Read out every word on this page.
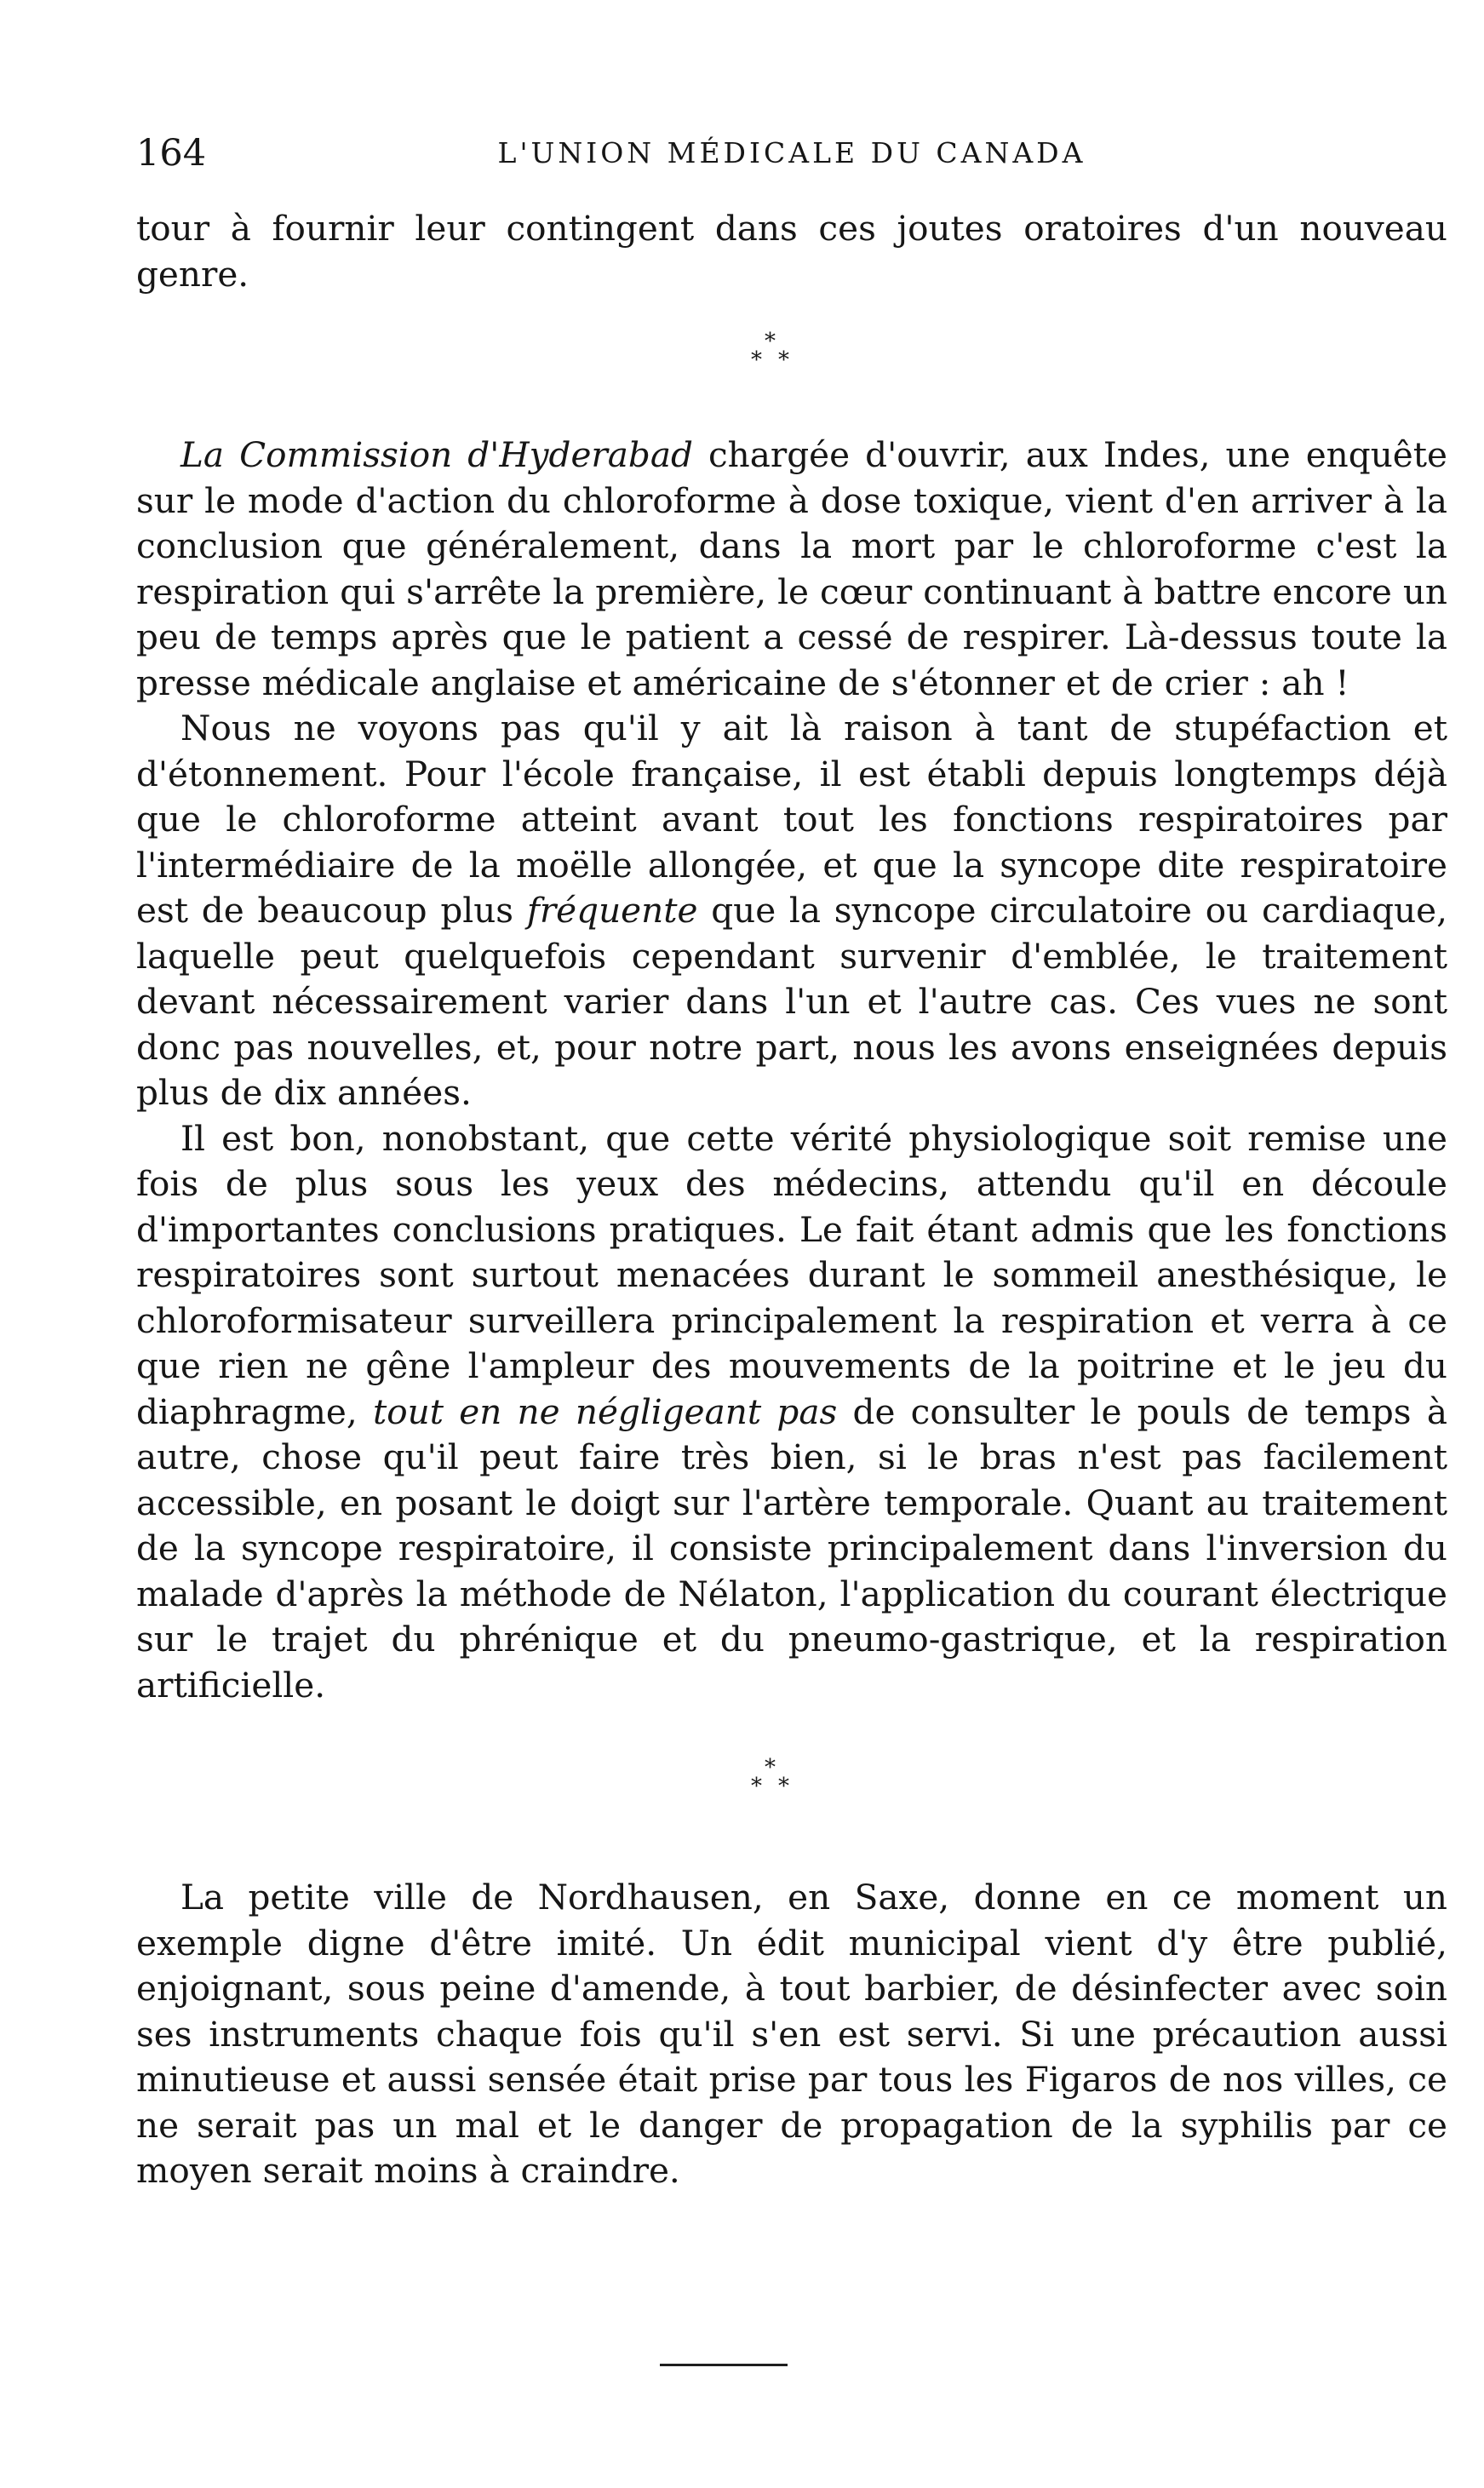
164	L'UNION MÉDICALE DU CANADA

tour à fournir leur contingent dans ces joutes oratoires d'un nouveau genre.

*
* *

La Commission d'Hyderabad chargée d'ouvrir, aux Indes, une enquête sur le mode d'action du chloroforme à dose toxique, vient d'en arriver à la conclusion que généralement, dans la mort par le chloroforme c'est la respiration qui s'arrête la première, le cœur continuant à battre encore un peu de temps après que le patient a cessé de respirer. Là-dessus toute la presse médicale anglaise et américaine de s'étonner et de crier : ah !

Nous ne voyons pas qu'il y ait là raison à tant de stupéfaction et d'étonnement. Pour l'école française, il est établi depuis longtemps déjà que le chloroforme atteint avant tout les fonctions respiratoires par l'intermédiaire de la moëlle allongée, et que la syncope dite respiratoire est de beaucoup plus fréquente que la syncope circulatoire ou cardiaque, laquelle peut quelquefois cependant survenir d'emblée, le traitement devant nécessairement varier dans l'un et l'autre cas. Ces vues ne sont donc pas nouvelles, et, pour notre part, nous les avons enseignées depuis plus de dix années.

Il est bon, nonobstant, que cette vérité physiologique soit remise une fois de plus sous les yeux des médecins, attendu qu'il en découle d'importantes conclusions pratiques. Le fait étant admis que les fonctions respiratoires sont surtout menacées durant le sommeil anesthésique, le chloroformisateur surveillera principalement la respiration et verra à ce que rien ne gêne l'ampleur des mouvements de la poitrine et le jeu du diaphragme, tout en ne négligeant pas de consulter le pouls de temps à autre, chose qu'il peut faire très bien, si le bras n'est pas facilement accessible, en posant le doigt sur l'artère temporale. Quant au traitement de la syncope respiratoire, il consiste principalement dans l'inversion du malade d'après la méthode de Nélaton, l'application du courant électrique sur le trajet du phrénique et du pneumo-gastrique, et la respiration artificielle.

*
* *

La petite ville de Nordhausen, en Saxe, donne en ce moment un exemple digne d'être imité. Un édit municipal vient d'y être publié, enjoignant, sous peine d'amende, à tout barbier, de désinfecter avec soin ses instruments chaque fois qu'il s'en est servi. Si une précaution aussi minutieuse et aussi sensée était prise par tous les Figaros de nos villes, ce ne serait pas un mal et le danger de propagation de la syphilis par ce moyen serait moins à craindre.
